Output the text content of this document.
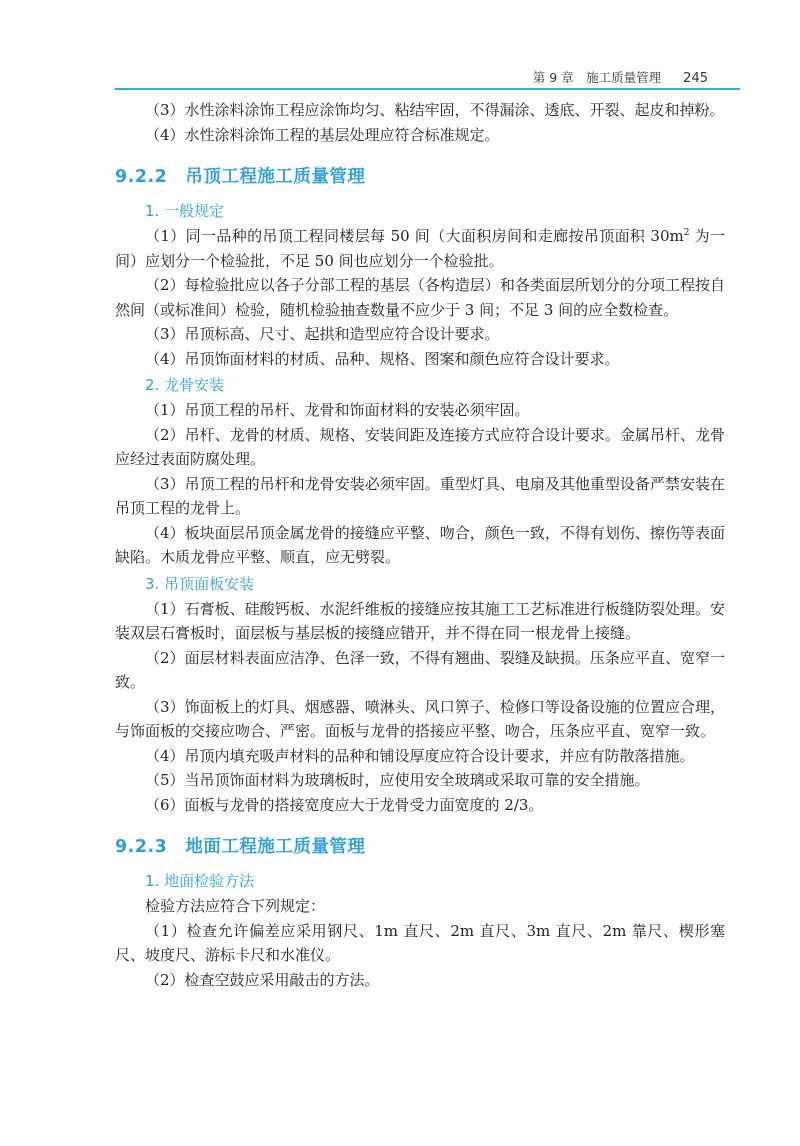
第 9 章　施工质量管理 245

（3）水性涂料涂饰工程应涂饰均匀、粘结牢固，不得漏涂、透底、开裂、起皮和掉粉。

（4）水性涂料涂饰工程的基层处理应符合标准规定。

9.2.2 吊顶工程施工质量管理
1. 一般规定

（1）同一品种的吊顶工程同楼层每 50 间（大面积房间和走廊按吊顶面积 $30m^2$ 为一间）应划分一个检验批，不足 50 间也应划分一个检验批。

（2）每检验批应以各子分部工程的基层（各构造层）和各类面层所划分的分项工程按自然间（或标准间）检验，随机检验抽查数量不应少于 3 间；不足 3 间的应全数检查。

（3）吊顶标高、尺寸、起拱和造型应符合设计要求。

（4）吊顶饰面材料的材质、品种、规格、图案和颜色应符合设计要求。

2. 龙骨安装

（1）吊顶工程的吊杆、龙骨和饰面材料的安装必须牢固。

（2）吊杆、龙骨的材质、规格、安装间距及连接方式应符合设计要求。金属吊杆、龙骨应经过表面防腐处理。

（3）吊顶工程的吊杆和龙骨安装必须牢固。重型灯具、电扇及其他重型设备严禁安装在吊顶工程的龙骨上。

（4）板块面层吊顶金属龙骨的接缝应平整、吻合，颜色一致，不得有划伤、擦伤等表面缺陷。木质龙骨应平整、顺直，应无劈裂。

3. 吊顶面板安装

（1）石膏板、硅酸钙板、水泥纤维板的接缝应按其施工工艺标准进行板缝防裂处理。安装双层石膏板时，面层板与基层板的接缝应错开，并不得在同一根龙骨上接缝。

（2）面层材料表面应洁净、色泽一致，不得有翘曲、裂缝及缺损。压条应平直、宽窄一致。

（3）饰面板上的灯具、烟感器、喷淋头、风口箅子、检修口等设备设施的位置应合理，与饰面板的交接应吻合、严密。面板与龙骨的搭接应平整、吻合，压条应平直、宽窄一致。

（4）吊顶内填充吸声材料的品种和铺设厚度应符合设计要求，并应有防散落措施。

（5）当吊顶饰面材料为玻璃板时，应使用安全玻璃或采取可靠的安全措施。

（6）面板与龙骨的搭接宽度应大于龙骨受力面宽度的 2/3。

9.2.3 地面工程施工质量管理
1. 地面检验方法

检验方法应符合下列规定：

（1）检查允许偏差应采用钢尺、1m 直尺、2m 直尺、3m 直尺、2m 靠尺、楔形塞尺、坡度尺、游标卡尺和水准仪。

（2）检查空鼓应采用敲击的方法。
